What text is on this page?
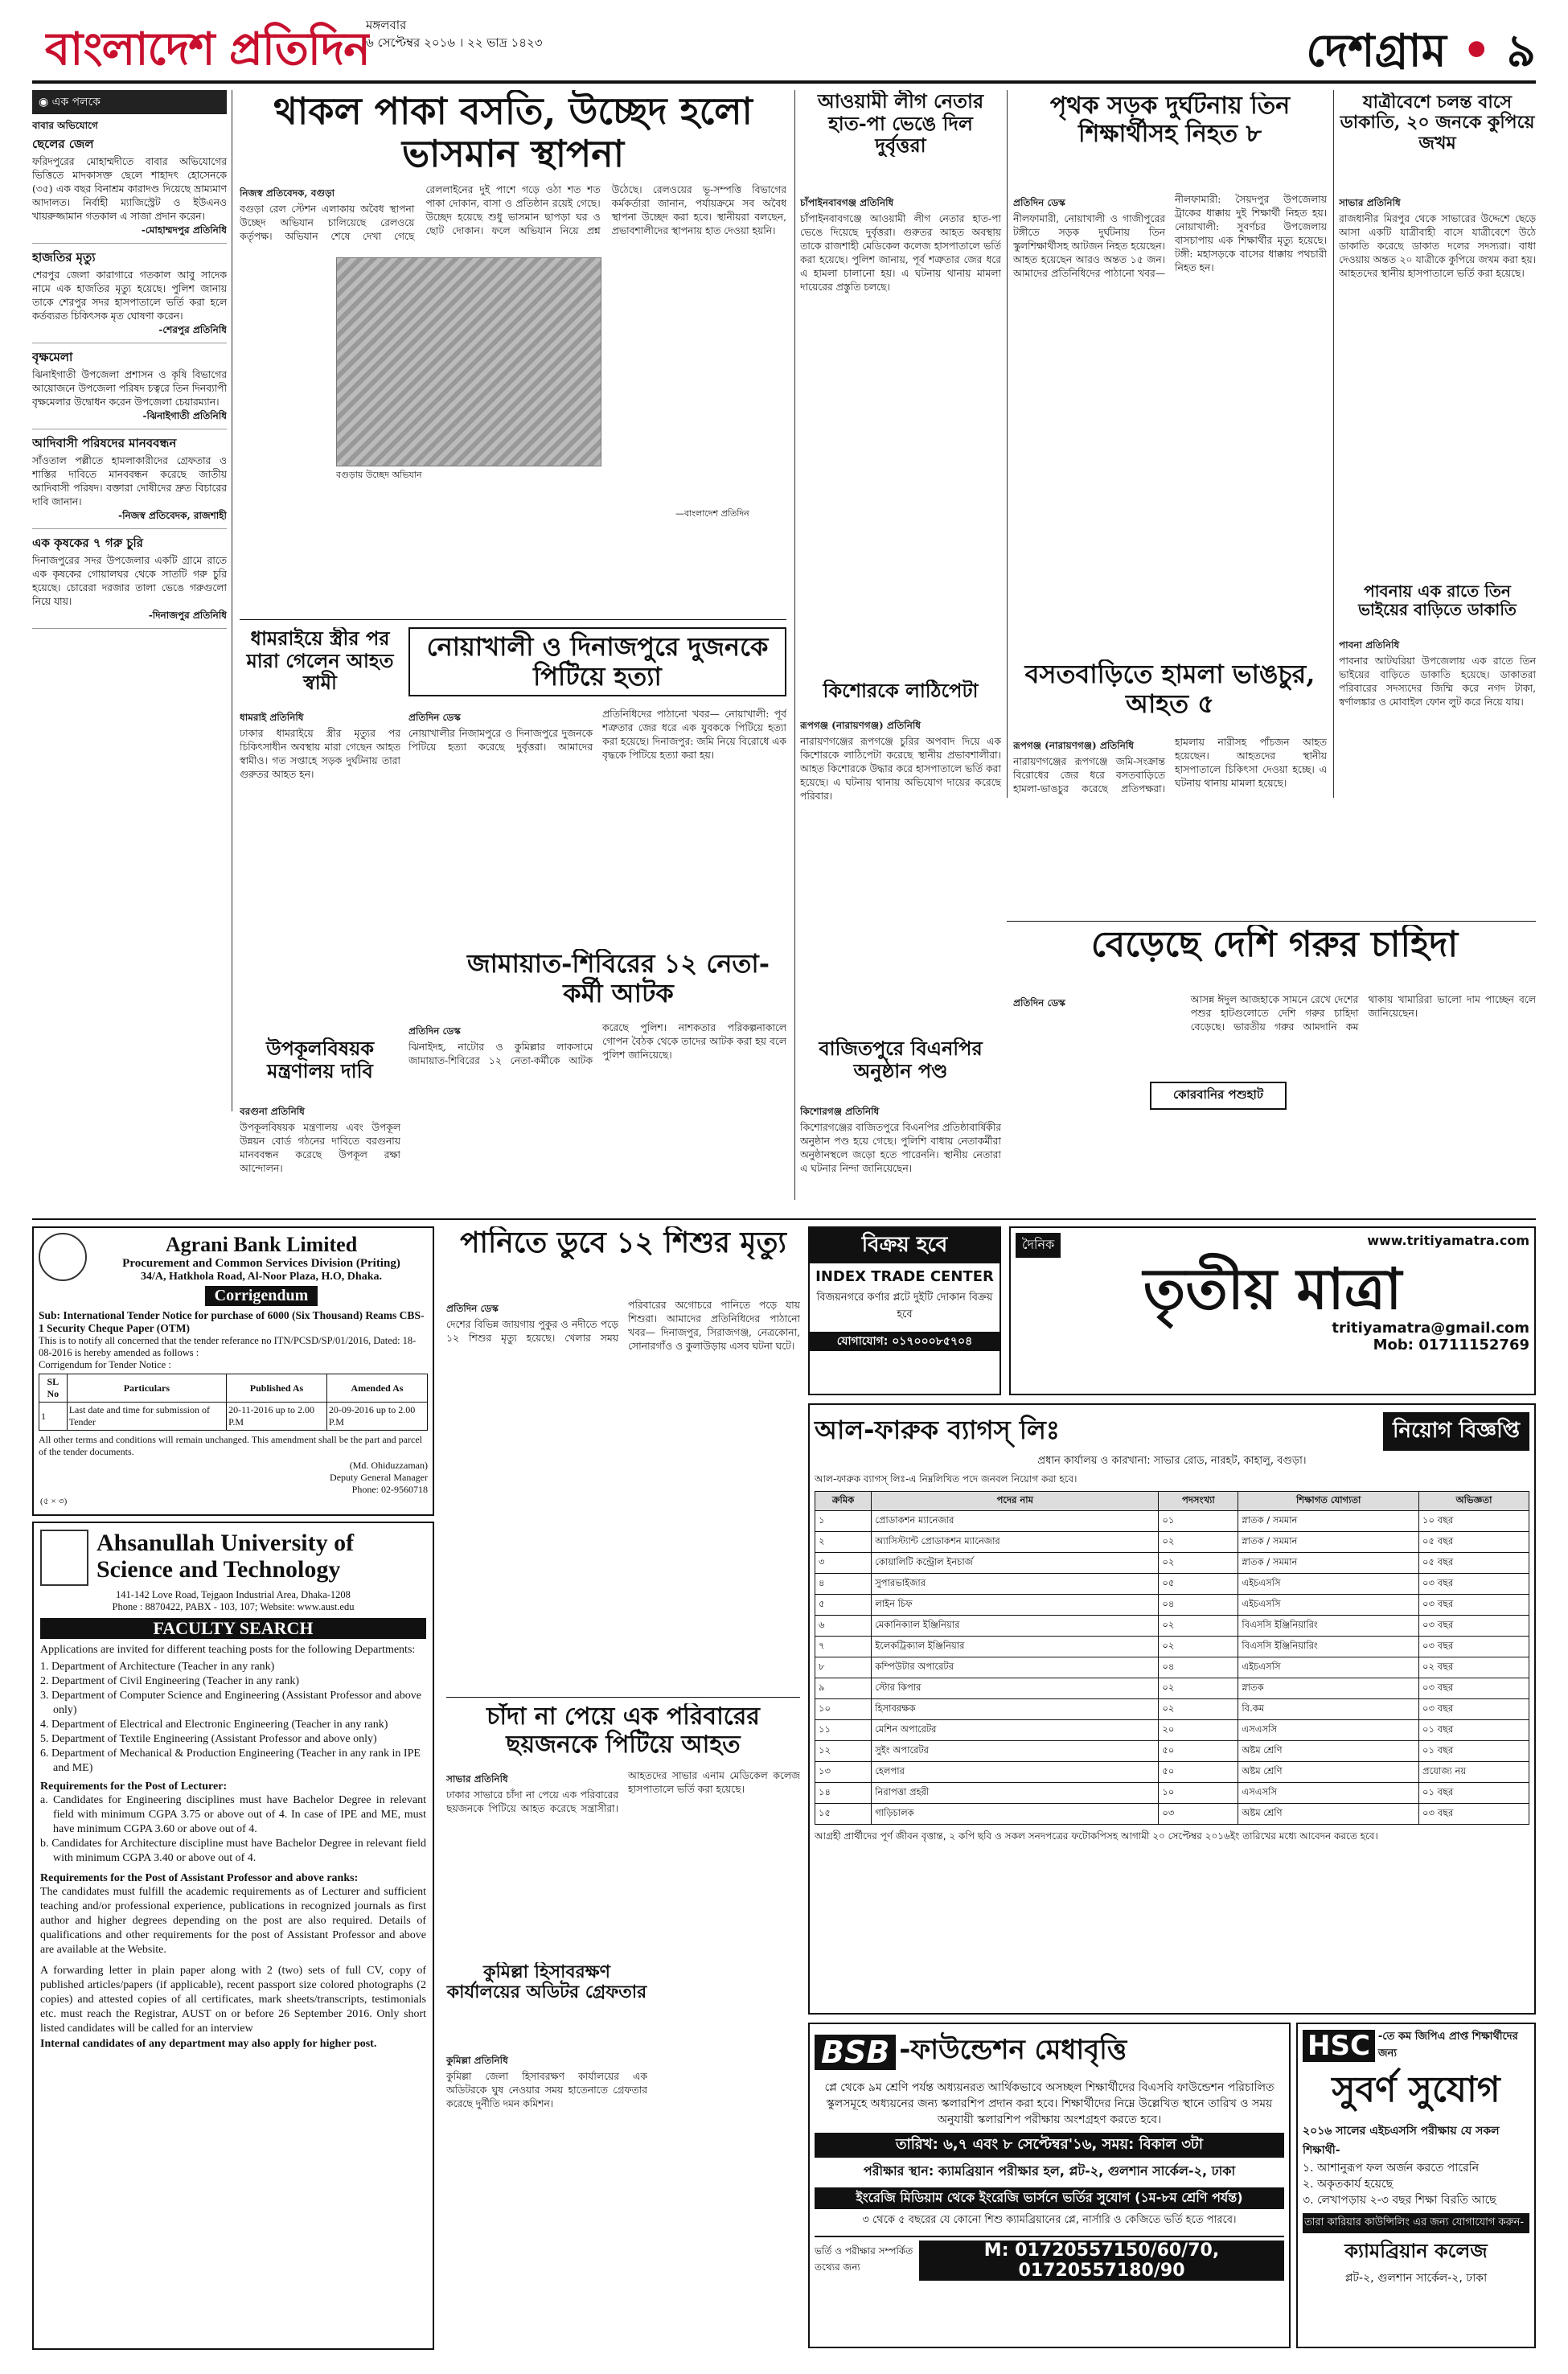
বাংলাদেশ প্রতিদিন
মঙ্গলবার
৬ সেপ্টেম্বর ২০১৬ । ২২ ভাদ্র ১৪২৩	দেশগ্রাম • ৯
◉ এক পলকে
বাবার অভিযোগে
ছেলের জেল
ফরিদপুরের মোহাম্মদীতে বাবার অভিযোগের ভিত্তিতে মাদকাসক্ত ছেলে শাহাদৎ হোসেনকে (৩৫) এক বছর বিনাশ্রম কারাদণ্ড দিয়েছে ভ্রাম্যমাণ আদালত। নির্বাহী ম্যাজিস্ট্রেট ও ইউএনও খায়রুজ্জামান গতকাল এ সাজা প্রদান করেন।
-মোহাম্মদপুর প্রতিনিধি
হাজতির মৃত্যু
শেরপুর জেলা কারাগারে গতকাল আবু সাদেক নামে এক হাজতির মৃত্যু হয়েছে। পুলিশ জানায় তাকে শেরপুর সদর হাসপাতালে ভর্তি করা হলে কর্তব্যরত চিকিৎসক মৃত ঘোষণা করেন।
-শেরপুর প্রতিনিধি
বৃক্ষমেলা
ঝিনাইগাতী উপজেলা প্রশাসন ও কৃষি বিভাগের আয়োজনে উপজেলা পরিষদ চত্বরে তিন দিনব্যাপী বৃক্ষমেলার উদ্বোধন করেন উপজেলা চেয়ারম্যান।
-ঝিনাইগাতী প্রতিনিধি
আদিবাসী পরিষদের মানববন্ধন
সাঁওতাল পল্লীতে হামলাকারীদের গ্রেফতার ও শাস্তির দাবিতে মানববন্ধন করেছে জাতীয় আদিবাসী পরিষদ। বক্তারা দোষীদের দ্রুত বিচারের দাবি জানান।
-নিজস্ব প্রতিবেদক, রাজশাহী
এক কৃষকের ৭ গরু চুরি
দিনাজপুরের সদর উপজেলার একটি গ্রামে রাতে এক কৃষকের গোয়ালঘর থেকে সাতটি গরু চুরি হয়েছে। চোরেরা দরজার তালা ভেঙে গরুগুলো নিয়ে যায়।
-দিনাজপুর প্রতিনিধি
থাকল পাকা বসতি, উচ্ছেদ হলো ভাসমান স্থাপনা
নিজস্ব প্রতিবেদক, বগুড়া
বগুড়া রেল স্টেশন এলাকায় অবৈধ স্থাপনা উচ্ছেদ অভিযান চালিয়েছে রেলওয়ে কর্তৃপক্ষ। অভিযান শেষে দেখা গেছে রেললাইনের দুই পাশে গড়ে ওঠা শত শত পাকা দোকান, বাসা ও প্রতিষ্ঠান রয়েই গেছে। উচ্ছেদ হয়েছে শুধু ভাসমান ছাপড়া ঘর ও ছোট দোকান। ফলে অভিযান নিয়ে প্রশ্ন উঠেছে। রেলওয়ের ভূ-সম্পত্তি বিভাগের কর্মকর্তারা জানান, পর্যায়ক্রমে সব অবৈধ স্থাপনা উচ্ছেদ করা হবে। স্থানীয়রা বলছেন, প্রভাবশালীদের স্থাপনায় হাত দেওয়া হয়নি।
বগুড়ায় উচ্ছেদ অভিযান
—বাংলাদেশ প্রতিদিন
ধামরাইয়ে স্ত্রীর পর মারা গেলেন আহত স্বামী
ধামরাই প্রতিনিধি
ঢাকার ধামরাইয়ে স্ত্রীর মৃত্যুর পর চিকিৎসাধীন অবস্থায় মারা গেছেন আহত স্বামীও। গত সপ্তাহে সড়ক দুর্ঘটনায় তারা গুরুতর আহত হন।
নোয়াখালী ও দিনাজপুরে দুজনকে পিটিয়ে হত্যা
প্রতিদিন ডেস্ক
নোয়াখালীর নিজামপুরে ও দিনাজপুরে দুজনকে পিটিয়ে হত্যা করেছে দুর্বৃত্তরা। আমাদের প্রতিনিধিদের পাঠানো খবর— নোয়াখালী: পূর্ব শত্রুতার জের ধরে এক যুবককে পিটিয়ে হত্যা করা হয়েছে। দিনাজপুর: জমি নিয়ে বিরোধে এক বৃদ্ধকে পিটিয়ে হত্যা করা হয়।
জামায়াত-শিবিরের ১২ নেতা-কর্মী আটক
প্রতিদিন ডেস্ক
ঝিনাইদহ, নাটোর ও কুমিল্লার লাকসামে জামায়াত-শিবিরের ১২ নেতা-কর্মীকে আটক করেছে পুলিশ। নাশকতার পরিকল্পনাকালে গোপন বৈঠক থেকে তাদের আটক করা হয় বলে পুলিশ জানিয়েছে।
উপকূলবিষয়ক মন্ত্রণালয় দাবি
বরগুনা প্রতিনিধি
উপকূলবিষয়ক মন্ত্রণালয় এবং উপকূল উন্নয়ন বোর্ড গঠনের দাবিতে বরগুনায় মানববন্ধন করেছে উপকূল রক্ষা আন্দোলন।
আওয়ামী লীগ নেতার হাত-পা ভেঙে দিল দুর্বৃত্তরা
চাঁপাইনবাবগঞ্জ প্রতিনিধি
চাঁপাইনবাবগঞ্জে আওয়ামী লীগ নেতার হাত-পা ভেঙে দিয়েছে দুর্বৃত্তরা। গুরুতর আহত অবস্থায় তাকে রাজশাহী মেডিকেল কলেজ হাসপাতালে ভর্তি করা হয়েছে। পুলিশ জানায়, পূর্ব শত্রুতার জের ধরে এ হামলা চালানো হয়। এ ঘটনায় থানায় মামলা দায়েরের প্রস্তুতি চলছে।
কিশোরকে লাঠিপেটা
রূপগঞ্জ (নারায়ণগঞ্জ) প্রতিনিধি
নারায়ণগঞ্জের রূপগঞ্জে চুরির অপবাদ দিয়ে এক কিশোরকে লাঠিপেটা করেছে স্থানীয় প্রভাবশালীরা। আহত কিশোরকে উদ্ধার করে হাসপাতালে ভর্তি করা হয়েছে। এ ঘটনায় থানায় অভিযোগ দায়ের করেছে পরিবার।
বাজিতপুরে বিএনপির অনুষ্ঠান পণ্ড
কিশোরগঞ্জ প্রতিনিধি
কিশোরগঞ্জের বাজিতপুরে বিএনপির প্রতিষ্ঠাবার্ষিকীর অনুষ্ঠান পণ্ড হয়ে গেছে। পুলিশি বাধায় নেতাকর্মীরা অনুষ্ঠানস্থলে জড়ো হতে পারেননি। স্থানীয় নেতারা এ ঘটনার নিন্দা জানিয়েছেন।
পৃথক সড়ক দুর্ঘটনায় তিন শিক্ষার্থীসহ নিহত ৮
প্রতিদিন ডেস্ক
নীলফামারী, নোয়াখালী ও গাজীপুরের টঙ্গীতে সড়ক দুর্ঘটনায় তিন স্কুলশিক্ষার্থীসহ আটজন নিহত হয়েছেন। আহত হয়েছেন আরও অন্তত ১৫ জন। আমাদের প্রতিনিধিদের পাঠানো খবর— নীলফামারী: সৈয়দপুর উপজেলায় ট্রাকের ধাক্কায় দুই শিক্ষার্থী নিহত হয়। নোয়াখালী: সুবর্ণচর উপজেলায় বাসচাপায় এক শিক্ষার্থীর মৃত্যু হয়েছে। টঙ্গী: মহাসড়কে বাসের ধাক্কায় পথচারী নিহত হন।
বসতবাড়িতে হামলা ভাঙচুর, আহত ৫
রূপগঞ্জ (নারায়ণগঞ্জ) প্রতিনিধি
নারায়ণগঞ্জের রূপগঞ্জে জমি-সংক্রান্ত বিরোধের জের ধরে বসতবাড়িতে হামলা-ভাঙচুর করেছে প্রতিপক্ষরা। হামলায় নারীসহ পাঁচজন আহত হয়েছেন। আহতদের স্থানীয় হাসপাতালে চিকিৎসা দেওয়া হচ্ছে। এ ঘটনায় থানায় মামলা হয়েছে।
যাত্রীবেশে চলন্ত বাসে ডাকাতি, ২০ জনকে কুপিয়ে জখম
সাভার প্রতিনিধি
রাজধানীর মিরপুর থেকে সাভারের উদ্দেশে ছেড়ে আসা একটি যাত্রীবাহী বাসে যাত্রীবেশে উঠে ডাকাতি করেছে ডাকাত দলের সদস্যরা। বাধা দেওয়ায় অন্তত ২০ যাত্রীকে কুপিয়ে জখম করা হয়। আহতদের স্থানীয় হাসপাতালে ভর্তি করা হয়েছে।
পাবনায় এক রাতে তিন ভাইয়ের বাড়িতে ডাকাতি
পাবনা প্রতিনিধি
পাবনার আটঘরিয়া উপজেলায় এক রাতে তিন ভাইয়ের বাড়িতে ডাকাতি হয়েছে। ডাকাতরা পরিবারের সদস্যদের জিম্মি করে নগদ টাকা, স্বর্ণালঙ্কার ও মোবাইল ফোন লুট করে নিয়ে যায়।
বেড়েছে দেশি গরুর চাহিদা
প্রতিদিন ডেস্ক	আসন্ন ঈদুল আজহাকে সামনে রেখে দেশের পশুর হাটগুলোতে দেশি গরুর চাহিদা বেড়েছে। ভারতীয় গরুর আমদানি কম থাকায় খামারিরা ভালো দাম পাচ্ছেন বলে জানিয়েছেন।
কোরবানির পশুহাট
Agrani Bank Limited
Procurement and Common Services Division (Priting)
34/A, Hatkhola Road, Al-Noor Plaza, H.O, Dhaka.
Corrigendum
Sub: International Tender Notice for purchase of 6000 (Six Thousand) Reams CBS-1 Security Cheque Paper (OTM)
This is to notify all concerned that the tender referance no ITN/PCSD/SP/01/2016, Dated: 18-08-2016 is hereby amended as follows :
Corrigendum for Tender Notice :
SL No	Particulars	Published As	Amended As
1	Last date and time for submission of Tender	20-11-2016 up to 2.00 P.M	20-09-2016 up to 2.00 P.M
All other terms and conditions will remain unchanged. This amendment shall be the part and parcel of the tender documents.
(Md. Ohiduzzaman)
Deputy General Manager
Phone: 02-9560718
(৫ × ৩)
Ahsanullah University of Science and Technology
141-142 Love Road, Tejgaon Industrial Area, Dhaka-1208
Phone : 8870422, PABX - 103, 107; Website: www.aust.edu
FACULTY SEARCH
Applications are invited for different teaching posts for the following Departments:
1. Department of Architecture (Teacher in any rank)
2. Department of Civil Engineering (Teacher in any rank)
3. Department of Computer Science and Engineering (Assistant Professor and above only)
4. Department of Electrical and Electronic Engineering (Teacher in any rank)
5. Department of Textile Engineering (Assistant Professor and above only)
6. Department of Mechanical & Production Engineering (Teacher in any rank in IPE and ME)
Requirements for the Post of Lecturer:
a. Candidates for Engineering disciplines must have Bachelor Degree in relevant field with minimum CGPA 3.75 or above out of 4. In case of IPE and ME, must have minimum CGPA 3.60 or above out of 4.
b. Candidates for Architecture discipline must have Bachelor Degree in relevant field with minimum CGPA 3.40 or above out of 4.
Requirements for the Post of Assistant Professor and above ranks:
The candidates must fulfill the academic requirements as of Lecturer and sufficient teaching and/or professional experience, publications in recognized journals as first author and higher degrees depending on the post are also required. Details of qualifications and other requirements for the post of Assistant Professor and above are available at the Website.
A forwarding letter in plain paper along with 2 (two) sets of full CV, copy of published articles/papers (if applicable), recent passport size colored photographs (2 copies) and attested copies of all certificates, mark sheets/transcripts, testimonials etc. must reach the Registrar, AUST on or before 26 September 2016. Only short listed candidates will be called for an interview
Internal candidates of any department may also apply for higher post.
পানিতে ডুবে ১২ শিশুর মৃত্যু
প্রতিদিন ডেস্ক
দেশের বিভিন্ন জায়গায় পুকুর ও নদীতে পড়ে ১২ শিশুর মৃত্যু হয়েছে। খেলার সময় পরিবারের অগোচরে পানিতে পড়ে যায় শিশুরা। আমাদের প্রতিনিধিদের পাঠানো খবর— দিনাজপুর, সিরাজগঞ্জ, নেত্রকোনা, সোনারগাঁও ও কুলাউড়ায় এসব ঘটনা ঘটে।
চাঁদা না পেয়ে এক পরিবারের ছয়জনকে পিটিয়ে আহত
সাভার প্রতিনিধি
ঢাকার সাভারে চাঁদা না পেয়ে এক পরিবারের ছয়জনকে পিটিয়ে আহত করেছে সন্ত্রাসীরা। আহতদের সাভার এনাম মেডিকেল কলেজ হাসপাতালে ভর্তি করা হয়েছে।
কুমিল্লা হিসাবরক্ষণ কার্যালয়ের অডিটর গ্রেফতার
কুমিল্লা প্রতিনিধি
কুমিল্লা জেলা হিসাবরক্ষণ কার্যালয়ের এক অডিটরকে ঘুষ নেওয়ার সময় হাতেনাতে গ্রেফতার করেছে দুর্নীতি দমন কমিশন।
বিক্রয় হবে
INDEX TRADE CENTER
বিজয়নগরে কর্ণার প্লটে দুইটি দোকান বিক্রয় হবে
যোগাযোগ: ০১৭০০০৮৫৭০৪
দৈনিক	www.tritiyamatra.com
তৃতীয় মাত্রা
tritiyamatra@gmail.com
Mob: 01711152769
আল-ফারুক ব্যাগস্ লিঃ	নিয়োগ বিজ্ঞপ্তি
প্রধান কার্যালয় ও কারখানা: সাভার রোড, নারহট, কাহালু, বগুড়া।
আল-ফারুক ব্যাগস্ লিঃ-এ নিম্নলিখিত পদে জনবল নিয়োগ করা হবে।
ক্রমিক	পদের নাম	পদসংখ্যা	শিক্ষাগত যোগ্যতা	অভিজ্ঞতা
১	প্রোডাকশন ম্যানেজার	০১	স্নাতক / সমমান	১০ বছর
২	অ্যাসিস্ট্যান্ট প্রোডাকশন ম্যানেজার	০২	স্নাতক / সমমান	০৫ বছর
৩	কোয়ালিটি কন্ট্রোল ইনচার্জ	০২	স্নাতক / সমমান	০৫ বছর
৪	সুপারভাইজার	০৫	এইচএসসি	০৩ বছর
৫	লাইন চিফ	০৪	এইচএসসি	০৩ বছর
৬	মেকানিক্যাল ইঞ্জিনিয়ার	০২	বিএসসি ইঞ্জিনিয়ারিং	০৩ বছর
৭	ইলেকট্রিক্যাল ইঞ্জিনিয়ার	০২	বিএসসি ইঞ্জিনিয়ারিং	০৩ বছর
৮	কম্পিউটার অপারেটর	০৪	এইচএসসি	০২ বছর
৯	স্টোর কিপার	০২	স্নাতক	০৩ বছর
১০	হিসাবরক্ষক	০২	বি.কম	০৩ বছর
১১	মেশিন অপারেটর	২০	এসএসসি	০১ বছর
১২	সুইং অপারেটর	৫০	অষ্টম শ্রেণি	০১ বছর
১৩	হেলপার	৫০	অষ্টম শ্রেণি	প্রযোজ্য নয়
১৪	নিরাপত্তা প্রহরী	১০	এসএসসি	০১ বছর
১৫	গাড়িচালক	০৩	অষ্টম শ্রেণি	০৩ বছর
আগ্রহী প্রার্থীদের পূর্ণ জীবন বৃত্তান্ত, ২ কপি ছবি ও সকল সনদপত্রের ফটোকপিসহ আগামী ২০ সেপ্টেম্বর ২০১৬ইং তারিখের মধ্যে আবেদন করতে হবে।
BSB -ফাউন্ডেশন মেধাবৃত্তি
প্লে থেকে ৯ম শ্রেণি পর্যন্ত অধ্যয়নরত আর্থিকভাবে অসচ্ছল শিক্ষার্থীদের বিএসবি ফাউন্ডেশন পরিচালিত স্কুলসমূহে অধ্যয়নের জন্য স্কলারশিপ প্রদান করা হবে। শিক্ষার্থীদের নিম্নে উল্লেখিত স্থানে তারিখ ও সময় অনুযায়ী স্কলারশিপ পরীক্ষায় অংশগ্রহণ করতে হবে।
তারিখ: ৬,৭ এবং ৮ সেপ্টেম্বর'১৬, সময়: বিকাল ৩টা
পরীক্ষার স্থান: ক্যামব্রিয়ান পরীক্ষার হল, প্লট-২, গুলশান সার্কেল-২, ঢাকা
ইংরেজি মিডিয়াম থেকে ইংরেজি ভার্সনে ভর্তির সুযোগ (১ম-৮ম শ্রেণি পর্যন্ত)
৩ থেকে ৫ বছরের যে কোনো শিশু ক্যামব্রিয়ানের প্লে, নার্সারি ও কেজিতে ভর্তি হতে পারবে।
ভর্তি ও পরীক্ষার সম্পর্কিত তথ্যের জন্য
M: 01720557150/60/70, 01720557180/90
HSC -তে কম জিপিএ প্রাপ্ত শিক্ষার্থীদের জন্য
সুবর্ণ সুযোগ
২০১৬ সালের এইচএসসি পরীক্ষায় যে সকল শিক্ষার্থী-
১. আশানুরূপ ফল অর্জন করতে পারেনি
২. অকৃতকার্য হয়েছে
৩. লেখাপড়ায় ২-৩ বছর শিক্ষা বিরতি আছে
তারা কারিয়ার কাউন্সিলিং এর জন্য যোগাযোগ করুন-
ক্যামব্রিয়ান কলেজ
প্লট-২, গুলশান সার্কেল-২, ঢাকা
